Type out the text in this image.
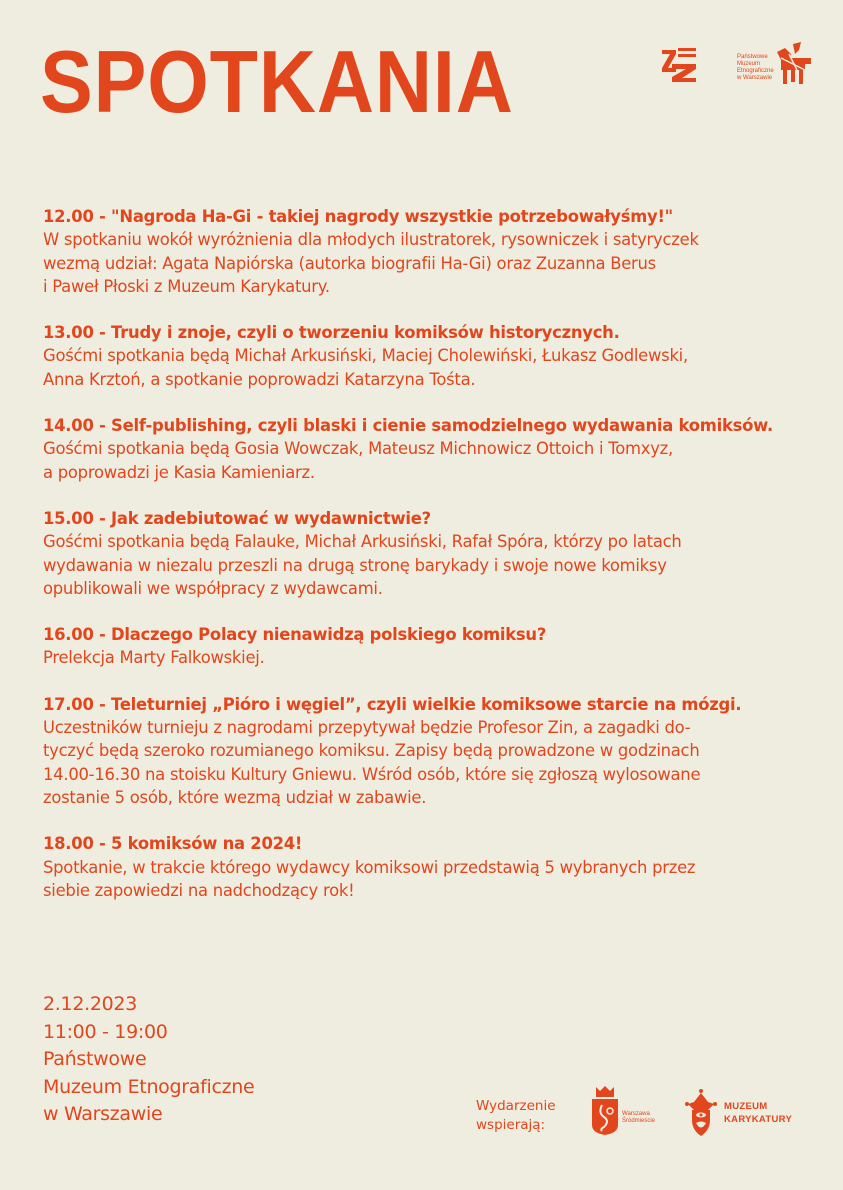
SPOTKANIA	Państwowe
Muzeum
Etnograficzne
w Warszawie
12.00 - "Nagroda Ha-Gi - takiej nagrody wszystkie potrzebowałyśmy!"
W spotkaniu wokół wyróżnienia dla młodych ilustratorek, rysowniczek i satyryczek
wezmą udział: Agata Napiórska (autorka biografii Ha-Gi) oraz Zuzanna Berus
i Paweł Płoski z Muzeum Karykatury.
13.00 - Trudy i znoje, czyli o tworzeniu komiksów historycznych.
Gośćmi spotkania będą Michał Arkusiński, Maciej Cholewiński, Łukasz Godlewski,
Anna Krztoń, a spotkanie poprowadzi Katarzyna Tośta.
14.00 - Self-publishing, czyli blaski i cienie samodzielnego wydawania komiksów.
Gośćmi spotkania będą Gosia Wowczak, Mateusz Michnowicz Ottoich i Tomxyz,
a poprowadzi je Kasia Kamieniarz.
15.00 - Jak zadebiutować w wydawnictwie?
Gośćmi spotkania będą Falauke, Michał Arkusiński, Rafał Spóra, którzy po latach
wydawania w niezalu przeszli na drugą stronę barykady i swoje nowe komiksy
opublikowali we współpracy z wydawcami.
16.00 - Dlaczego Polacy nienawidzą polskiego komiksu?
Prelekcja Marty Falkowskiej.
17.00 - Teleturniej „Pióro i węgiel”, czyli wielkie komiksowe starcie na mózgi.
Uczestników turnieju z nagrodami przepytywał będzie Profesor Zin, a zagadki do-
tyczyć będą szeroko rozumianego komiksu. Zapisy będą prowadzone w godzinach
14.00-16.30 na stoisku Kultury Gniewu. Wśród osób, które się zgłoszą wylosowane
zostanie 5 osób, które wezmą udział w zabawie.
18.00 - 5 komiksów na 2024!
Spotkanie, w trakcie którego wydawcy komiksowi przedstawią 5 wybranych przez
siebie zapowiedzi na nadchodzący rok!
2.12.2023
11:00 - 19:00
Państwowe
Muzeum Etnograficzne
w Warszawie	Wydarzenie
wspierają:
Warszawa
Śródmieście
MUZEUM
KARYKATURY
